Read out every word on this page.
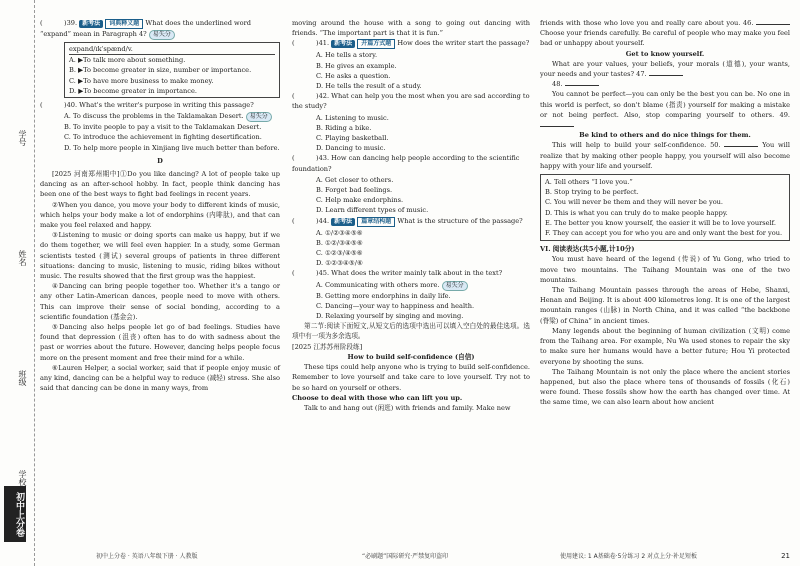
学号
姓名
班级
学校
初中上分卷
(	)39. 新考法 词典释义题 What does the underlined word “expand” mean in Paragraph 4? 易失分
expand/ɪkˈspænd/v.
A. ▶To talk more about something.
B. ▶To become greater in size, number or importance.
C. ▶To have more business to make money.
D. ▶To become greater in importance.
(	)40. What's the writer's purpose in writing this passage?
A. To discuss the problems in the Taklamakan Desert. 易失分
B. To invite people to pay a visit to the Taklamakan Desert.
C. To introduce the achievement in fighting desertification.
D. To help more people in Xinjiang live much better than before.
D

[2025 河南郑州期中]①Do you like dancing? A lot of people take up dancing as an after-school hobby. In fact, people think dancing has been one of the best ways to fight bad feelings in recent years.

②When you dance, you move your body to different kinds of music, which helps your body make a lot of endorphins (内啡肽), and that can make you feel relaxed and happy.

③Listening to music or doing sports can make us happy, but if we do them together, we will feel even happier. In a study, some German scientists tested (测试) several groups of patients in three different situations: dancing to music, listening to music, riding bikes without music. The results showed that the first group was the happiest.

④Dancing can bring people together too. Whether it's a tango or any other Latin-American dances, people need to move with others. This can improve their sense of social bonding, according to a scientific foundation (基金会).

⑤Dancing also helps people let go of bad feelings. Studies have found that depression (沮丧) often has to do with sadness about the past or worries about the future. However, dancing helps people focus more on the present moment and free their mind for a while.

⑥Lauren Helper, a social worker, said that if people enjoy music of any kind, dancing can be a helpful way to reduce (减轻) stress. She also said that dancing can be done in many ways, from

初中上分卷 · 英语八年级下册 · 人教版

moving around the house with a song to going out dancing with friends. “The important part is that it is fun.”

(	)41. 新考法 开篇方式题 How does the writer start the passage?
A. He tells a story.
B. He gives an example.
C. He asks a question.
D. He tells the result of a study.
(	)42. What can help you the most when you are sad according to the study?
A. Listening to music.
B. Riding a bike.
C. Playing basketball.
D. Dancing to music.
(	)43. How can dancing help people according to the scientific foundation?
A. Get closer to others.
B. Forget bad feelings.
C. Help make endorphins.
D. Learn different types of music.
(	)44. 新考法 篇章结构题 What is the structure of the passage?
A. ①/②③④⑤⑥
B. ①②/③④⑤⑥
C. ①②③/④⑤⑥
D. ①②③④⑤/⑥
(	)45. What does the writer mainly talk about in the text?
A. Communicating with others more. 易失分
B. Getting more endorphins in daily life.
C. Dancing—your way to happiness and health.
D. Relaxing yourself by singing and moving.

第二节:阅读下面短文,从短文后的选项中选出可以填入空白处的最佳选项。选项中有一项为多余选项。

[2025 江苏苏州阶段练]
How to build self-confidence (自信)

These tips could help anyone who is trying to build self-confidence. Remember to love yourself and take care to love yourself. Try not to be so hard on yourself or others.

Choose to deal with those who can lift you up.

Talk to and hang out (闲逛) with friends and family. Make new

“必刷题”国际研究·严禁复印盗印

friends with those who love you and really care about you. 46.  Choose your friends carefully. Be careful of people who may make you feel bad or unhappy about yourself.

Get to know yourself.

What are your values, your beliefs, your morals (道德), your wants, your needs and your tastes? 47.

48.

You cannot be perfect—you can only be the best you can be. No one in this world is perfect, so don't blame (指责) yourself for making a mistake or not being perfect. Also, stop comparing yourself to others. 49.

Be kind to others and do nice things for them.

This will help to build your self-confidence. 50.	You will realize that by making other people happy, you yourself will also become happy with your life and yourself.

A. Tell others “I love you.”
B. Stop trying to be perfect.
C. You will never be them and they will never be you.
D. This is what you can truly do to make people happy.
E. The better you know yourself, the easier it will be to love yourself.
F. They can accept you for who you are and only want the best for you.
VI. 阅读表达(共5小题,计10分)

You must have heard of the legend (传说) of Yu Gong, who tried to move two mountains. The Taihang Mountain was one of the two mountains.

The Taihang Mountain passes through the areas of Hebe, Shanxi, Henan and Beijing. It is about 400 kilometres long. It is one of the largest mountain ranges (山脉) in North China, and it was called “the backbone (脊梁) of China” in ancient times.

Many legends about the beginning of human civilization (文明) come from the Taihang area. For example, Nu Wa used stones to repair the sky to make sure her humans would have a better future; Hou Yi protected everyone by shooting the suns.

The Taihang Mountain is not only the place where the ancient stories happened, but also the place where tens of thousands of fossils (化石) were found. These fossils show how the earth has changed over time. At the same time, we can also learn about how ancient

使用建议: 1 A基础卷·5分练习 2 对点上分·补足短板	21
